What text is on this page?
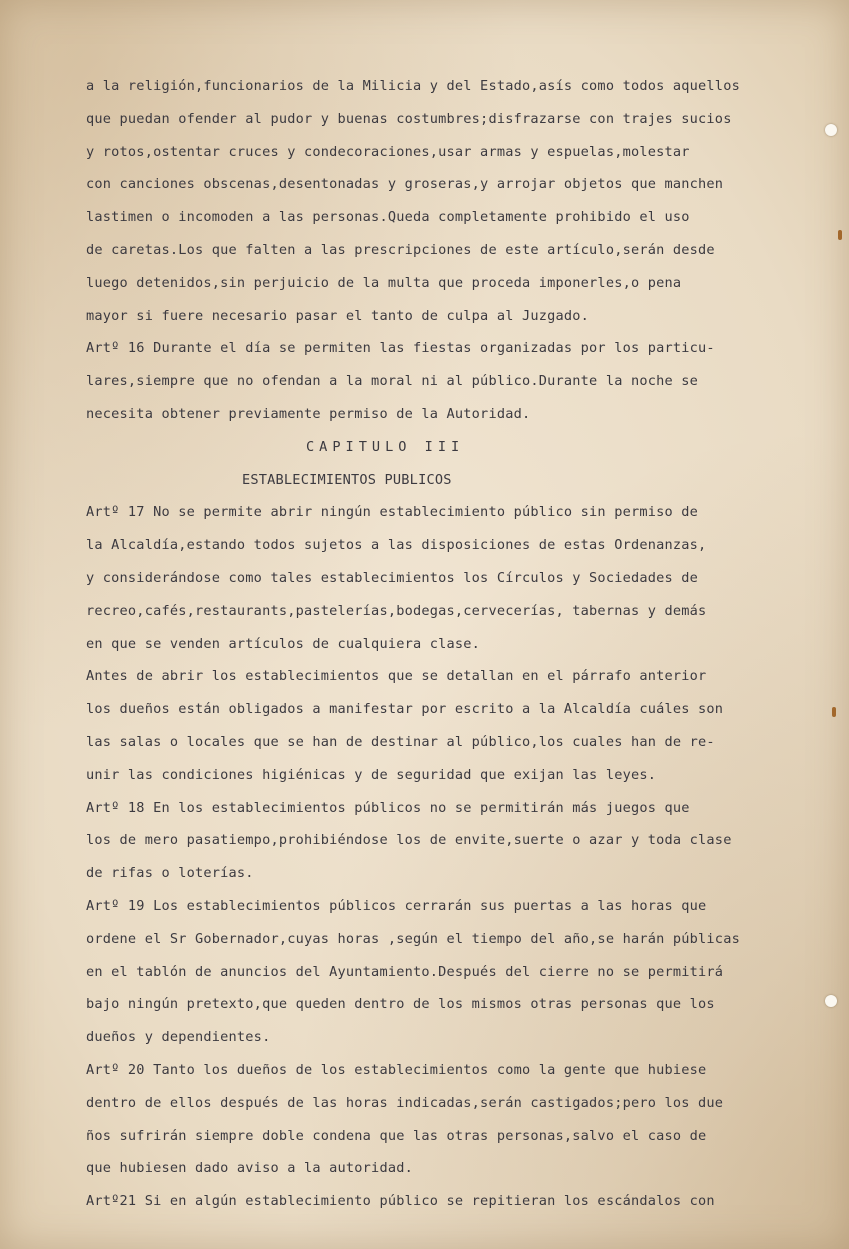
a la religión,funcionarios de la Milicia y del Estado,asís como todos aquellos
que puedan ofender al pudor y buenas costumbres;disfrazarse con trajes sucios
y rotos,ostentar cruces y condecoraciones,usar armas y espuelas,molestar
con canciones obscenas,desentonadas y groseras,y arrojar objetos que manchen
lastimen o incomoden a las personas.Queda completamente prohibido el uso
de caretas.Los que falten a las prescripciones de este artículo,serán desde
luego detenidos,sin perjuicio de la multa que proceda imponerles,o pena
mayor si fuere necesario pasar el tanto de culpa al Juzgado.
Artº 16 Durante el día se permiten las fiestas organizadas por los particu-
lares,siempre que no ofendan a la moral ni al público.Durante la noche se
necesita obtener previamente permiso de la Autoridad.
CAPITULO III
ESTABLECIMIENTOS PUBLICOS
Artº 17 No se permite abrir ningún establecimiento público sin permiso de
la Alcaldía,estando todos sujetos a las disposiciones de estas Ordenanzas,
y considerándose como tales establecimientos los Círculos y Sociedades de
recreo,cafés,restaurants,pastelerías,bodegas,cervecerías, tabernas y demás
en que se venden artículos de cualquiera clase.
Antes de abrir los establecimientos que se detallan en el párrafo anterior
los dueños están obligados a manifestar por escrito a la Alcaldía cuáles son
las salas o locales que se han de destinar al público,los cuales han de re-
unir las condiciones higiénicas y de seguridad que exijan las leyes.
Artº 18 En los establecimientos públicos no se permitirán más juegos que
los de mero pasatiempo,prohibiéndose los de envite,suerte o azar y toda clase
de rifas o loterías.
Artº 19 Los establecimientos públicos cerrarán sus puertas a las horas que
ordene el Sr Gobernador,cuyas horas ,según el tiempo del año,se harán públicas
en el tablón de anuncios del Ayuntamiento.Después del cierre no se permitirá
bajo ningún pretexto,que queden dentro de los mismos otras personas que los
dueños y dependientes.
Artº 20 Tanto los dueños de los establecimientos como la gente que hubiese
dentro de ellos después de las horas indicadas,serán castigados;pero los due
ños sufrirán siempre doble condena que las otras personas,salvo el caso de
que hubiesen dado aviso a la autoridad.
Artº21 Si en algún establecimiento público se repitieran los escándalos con
